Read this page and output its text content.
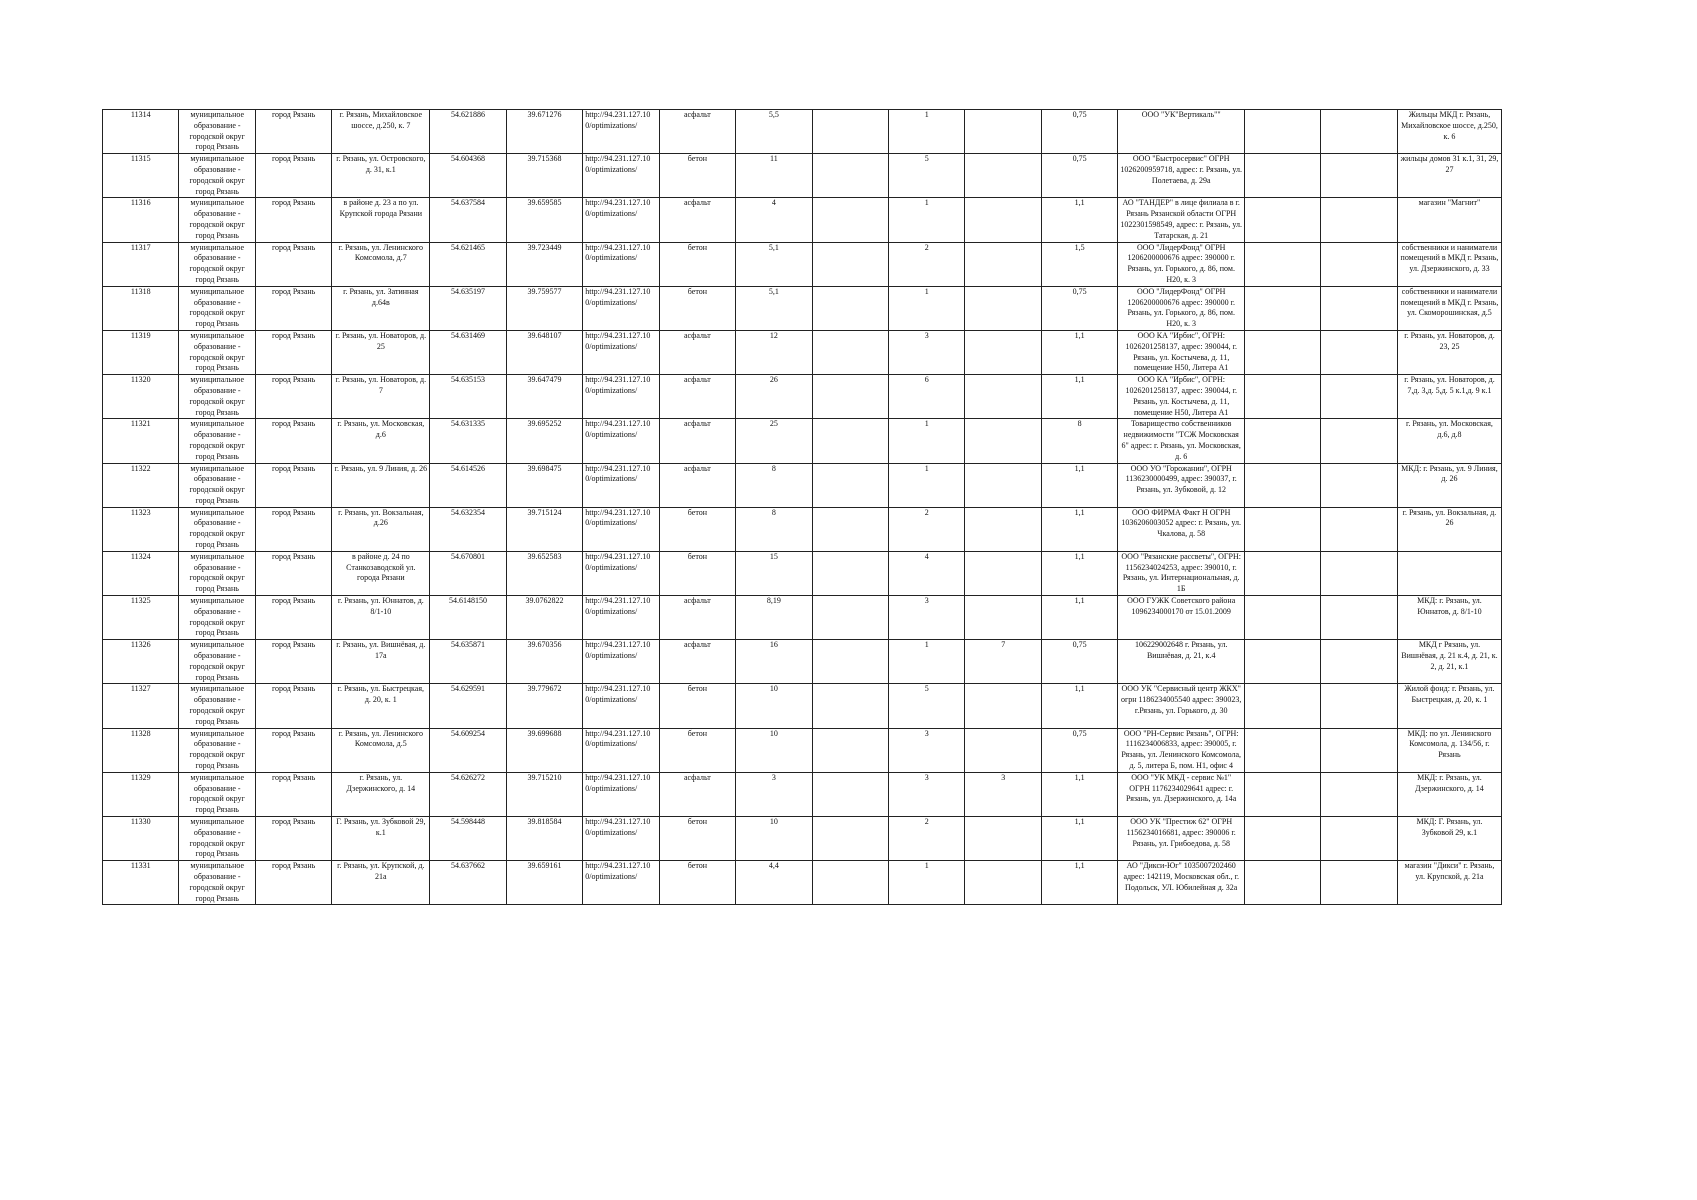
11314	муниципальное образование - городской округ город Рязань	город Рязань	г. Рязань, Михайловское шоссе, д.250, к. 7	54.621886	39.671276	http://94.231.127.10 0/optimizations/	асфальт	5,5		1		0,75	ООО "УК"Вертикаль""			Жильцы МКД г. Рязань, Михайловское шоссе, д.250, к. 6
11315	муниципальное образование - городской округ город Рязань	город Рязань	г. Рязань, ул. Островского, д. 31, к.1	54.604368	39.715368	http://94.231.127.10 0/optimizations/	бетон	11		5		0,75	ООО "Быстросервис" ОГРН 1026200959718, адрес: г. Рязань, ул. Полетаева, д. 29а			жильцы домов 31 к.1, 31, 29, 27
11316	муниципальное образование - городской округ город Рязань	город Рязань	в районе д. 23 а по ул. Крупской города Рязани	54.637584	39.659585	http://94.231.127.10 0/optimizations/	асфальт	4		1		1,1	АО "ТАНДЕР" в лице филиала в г. Рязань Рязанской области ОГРН 1022301598549, адрес: г. Рязань, ул. Татарская, д. 21			магазин "Магнит"
11317	муниципальное образование - городской округ город Рязань	город Рязань	г. Рязань, ул. Ленинского Комсомола, д.7	54.621465	39.723449	http://94.231.127.10 0/optimizations/	бетон	5,1		2		1,5	ООО "ЛидерФонд" ОГРН 1206200000676 адрес: 390000 г. Рязань, ул. Горького, д. 86, пом. Н20, к. 3			собственники и наниматели помещений в МКД г. Рязань, ул. Дзержинского, д. 33
11318	муниципальное образование - городской округ город Рязань	город Рязань	г. Рязань, ул. Затинная д.64в	54.635197	39.759577	http://94.231.127.10 0/optimizations/	бетон	5,1		1		0,75	ООО "ЛидерФонд" ОГРН 1206200000676 адрес: 390000 г. Рязань, ул. Горького, д. 86, пом. Н20, к. 3			собственники и наниматели помещений в МКД г. Рязань, ул. Скоморошинская, д.5
11319	муниципальное образование - городской округ город Рязань	город Рязань	г. Рязань, ул. Новаторов, д. 25	54.631469	39.648107	http://94.231.127.10 0/optimizations/	асфальт	12		3		1,1	ООО КА "Ирбис", ОГРН: 1026201258137, адрес: 390044, г. Рязань, ул. Костычева, д. 11, помещение Н50, Литера А1			г. Рязань, ул. Новаторов, д. 23, 25
11320	муниципальное образование - городской округ город Рязань	город Рязань	г. Рязань, ул. Новаторов, д. 7	54.635153	39.647479	http://94.231.127.10 0/optimizations/	асфальт	26		6		1,1	ООО КА "Ирбис", ОГРН: 1026201258137, адрес: 390044, г. Рязань, ул. Костычева, д. 11, помещение Н50, Литера А1			г. Рязань, ул. Новаторов, д. 7,д. 3,д. 5,д. 5 к.1,д. 9 к.1
11321	муниципальное образование - городской округ город Рязань	город Рязань	г. Рязань, ул. Московская, д.6	54.631335	39.695252	http://94.231.127.10 0/optimizations/	асфальт	25		1		8	Товарищество собственников недвижимости "ТСЖ Московская 6" адрес: г. Рязань, ул. Московская, д. 6			г. Рязань, ул. Московская, д.6, д.8
11322	муниципальное образование - городской округ город Рязань	город Рязань	г. Рязань, ул. 9 Линия, д. 26	54.614526	39.698475	http://94.231.127.10 0/optimizations/	асфальт	8		1		1,1	ООО УО "Горожанин", ОГРН 1136230000499, адрес: 390037, г. Рязань, ул. Зубковой, д. 12			МКД: г. Рязань, ул. 9 Линия, д. 26
11323	муниципальное образование - городской округ город Рязань	город Рязань	г. Рязань, ул. Вокзальная, д.26	54.632354	39.715124	http://94.231.127.10 0/optimizations/	бетон	8		2		1,1	ООО ФИРМА Факт Н ОГРН 1036206003052 адрес: г. Рязань, ул. Чкалова, д. 58			г. Рязань, ул. Вокзальная, д. 26
11324	муниципальное образование - городской округ город Рязань	город Рязань	в районе д. 24 по Станкозаводской ул. города Рязани	54.670801	39.652583	http://94.231.127.10 0/optimizations/	бетон	15		4		1,1	ООО "Рязанские рассветы", ОГРН: 1156234024253, адрес: 390010, г. Рязань, ул. Интернациональная, д. 1Б			
11325	муниципальное образование - городской округ город Рязань	город Рязань	г. Рязань, ул. Юннатов, д. 8/1-10	54.6148150	39.0762822	http://94.231.127.10 0/optimizations/	асфальт	8,19		3		1,1	ООО ГУЖК Советского района 1096234000170 от 15.01.2009			МКД: г. Рязань, ул. Юннатов, д. 8/1-10
11326	муниципальное образование - городской округ город Рязань	город Рязань	г. Рязань, ул. Вишнёвая, д. 17а	54.635871	39.670356	http://94.231.127.10 0/optimizations/	асфальт	16		1	7	0,75	106229002648 г. Рязань, ул. Вишнёвая, д. 21, к.4			МКД г Рязань, ул. Вишнёвая, д. 21 к.4, д. 21, к. 2, д. 21, к.1
11327	муниципальное образование - городской округ город Рязань	город Рязань	г. Рязань, ул. Быстрецкая, д. 20, к. 1	54.629591	39.779672	http://94.231.127.10 0/optimizations/	бетон	10		5		1,1	ООО УК "Сервисный центр ЖКХ" огрн 1186234005540 адрес: 390023, г.Рязань, ул. Горького, д. 30			Жилой фонд: г. Рязань, ул. Быстрецкая, д. 20, к. 1
11328	муниципальное образование - городской округ город Рязань	город Рязань	г. Рязань, ул. Ленинского Комсомола, д.5	54.609254	39.699688	http://94.231.127.10 0/optimizations/	бетон	10		3		0,75	ООО "РН-Сервис Рязань", ОГРН: 1116234006833, адрес: 390005, г. Рязань, ул. Ленинского Комсомола, д. 5, литера Б, пом. Н1, офис 4			МКД: по ул. Ленинского Комсомола, д. 134/56, г. Рязань
11329	муниципальное образование - городской округ город Рязань	город Рязань	г. Рязань, ул. Дзержинского, д. 14	54.626272	39.715210	http://94.231.127.10 0/optimizations/	асфальт	3		3	3	1,1	ООО "УК МКД - сервис №1" ОГРН 1176234029641 адрес: г. Рязань, ул. Дзержинского, д. 14а			МКД: г. Рязань, ул. Дзержинского, д. 14
11330	муниципальное образование - городской округ город Рязань	город Рязань	Г. Рязань, ул. Зубковой 29, к.1	54.598448	39.818584	http://94.231.127.10 0/optimizations/	бетон	10		2		1,1	ООО УК "Престиж 62" ОГРН 1156234016681, адрес: 390006 г. Рязань, ул. Грибоедова, д. 58			МКД: Г. Рязань, ул. Зубковой 29, к.1
11331	муниципальное образование - городской округ город Рязань	город Рязань	г. Рязань, ул. Крупской, д. 21а	54.637662	39.659161	http://94.231.127.10 0/optimizations/	бетон	4,4		1		1,1	АО "Дикси-Юг" 1035007202460 адрес: 142119, Московская обл., г. Подольск, УЛ. Юбилейная д. 32а			магазин "Дикси" г. Рязань, ул. Крупской, д. 21а
